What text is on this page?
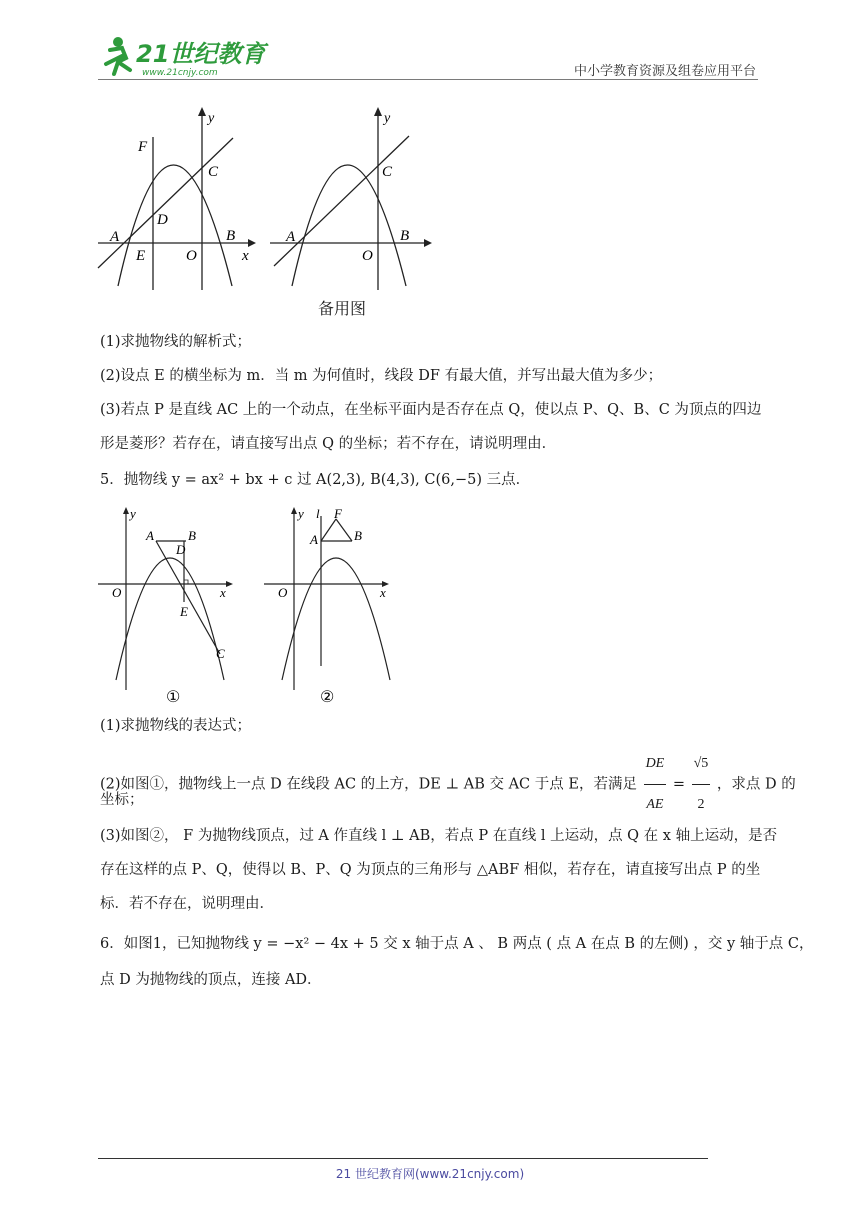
21世纪教育
www.21cnjy.com	中小学教育资源及组卷应用平台
y
F
C
D
A
E	O
B
x
y
C
A
O
B
备用图
(1)求抛物线的解析式；
(2)设点 E 的横坐标为 m．当 m 为何值时，线段 DF 有最大值，并写出最大值为多少；
(3)若点 P 是直线 AC 上的一个动点，在坐标平面内是否存在点 Q，使以点 P、Q、B、C 为顶点的四边
形是菱形？若存在，请直接写出点 Q 的坐标；若不存在，请说明理由．
5．抛物线 y = ax² + bx + c 过 A(2,3), B(4,3), C(6,−5) 三点．
y
A	B
D
O	x
E
C
①
y l F
A	B
O	x
②
(1)求抛物线的表达式；
(2)如图①，抛物线上一点 D 在线段 AC 的上方，DE ⊥ AB 交 AC 于点 E，若满足 $\frac{DE}{AE} = \frac{√5}{2}$ ，求点 D 的
坐标；
(3)如图②， F 为抛物线顶点，过 A 作直线 l ⊥ AB，若点 P 在直线 l 上运动，点 Q 在 x 轴上运动，是否
存在这样的点 P、Q，使得以 B、P、Q 为顶点的三角形与 △ABF 相似，若存在，请直接写出点 P 的坐
标．若不存在，说明理由．
6．如图1，已知抛物线 y = −x² − 4x + 5 交 x 轴于点 A 、 B 两点 ( 点 A 在点 B 的左侧) ，交 y 轴于点 C，
点 D 为抛物线的顶点，连接 AD．
21 世纪教育网(www.21cnjy.com)
